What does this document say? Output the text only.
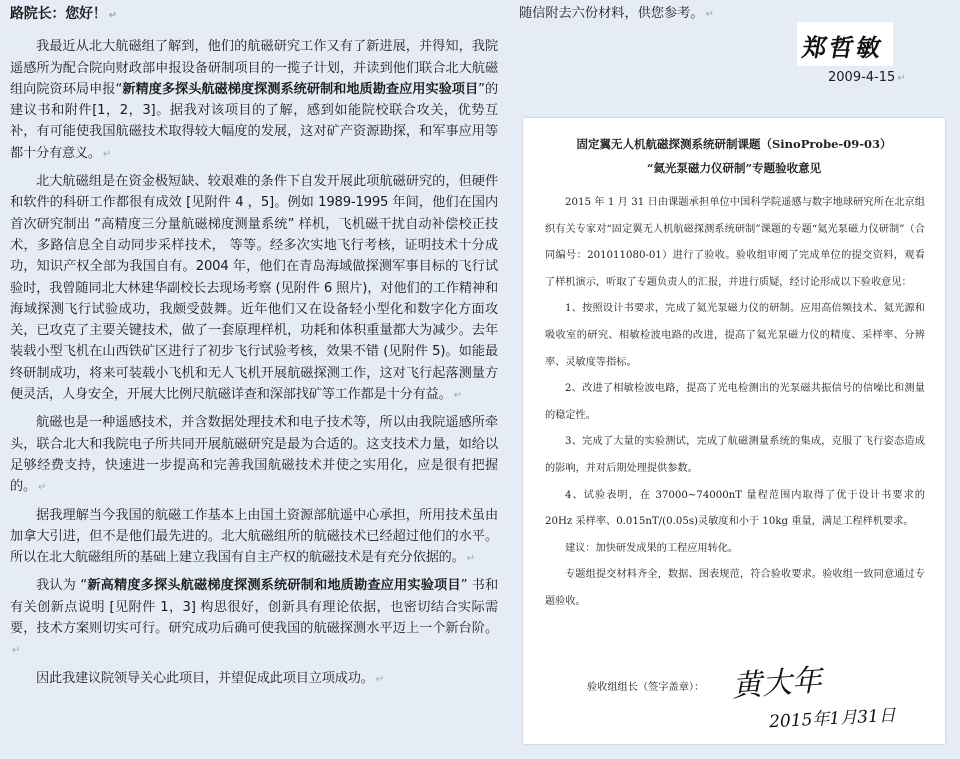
路院长：您好！ ↵

我最近从北大航磁组了解到，他们的航磁研究工作又有了新进展，并得知，我院遥感所为配合院向财政部申报设备研制项目的一揽子计划，并读到他们联合北大航磁组向院资环局申报“新精度多探头航磁梯度探测系统研制和地质勘查应用实验项目”的建议书和附件[1，2，3]。据我对该项目的了解，感到如能院校联合攻关，优势互补，有可能使我国航磁技术取得较大幅度的发展，这对矿产资源勘探，和军事应用等都十分有意义。 ↵

北大航磁组是在资金极短缺、较艰难的条件下自发开展此项航磁研究的，但硬件和软件的科研工作都很有成效 [见附件 4 ，5]。例如 1989-1995 年间，他们在国内首次研究制出 “高精度三分量航磁梯度测量系统” 样机，飞机磁干扰自动补偿校正技术，多路信息全自动同步采样技术， 等等。经多次实地飞行考核，证明技术十分成功，知识产权全部为我国自有。2004 年，他们在青岛海域做探测军事目标的飞行试验时，我曾随同北大林建华副校长去现场考察 (见附件 6 照片)，对他们的工作精神和海域探测飞行试验成功，我颇受鼓舞。近年他们又在设备轻小型化和数字化方面攻关，已攻克了主要关键技术，做了一套原理样机，功耗和体积重量都大为减少。去年装载小型飞机在山西铁矿区进行了初步飞行试验考核，效果不错 (见附件 5)。如能最终研制成功，将来可装载小飞机和无人飞机开展航磁探测工作，这对飞行起落测量方便灵活，人身安全，开展大比例尺航磁详查和深部找矿等工作都是十分有益。 ↵

航磁也是一种遥感技术，并含数据处理技术和电子技术等，所以由我院遥感所牵头，联合北大和我院电子所共同开展航磁研究是最为合适的。这支技术力量，如给以足够经费支持，快速进一步提高和完善我国航磁技术并使之实用化，应是很有把握的。 ↵

据我理解当今我国的航磁工作基本上由国土资源部航遥中心承担，所用技术虽由加拿大引进，但不是他们最先进的。北大航磁组所的航磁技术已经超过他们的水平。所以在北大航磁组所的基础上建立我国有自主产权的航磁技术是有充分依据的。 ↵

我认为 “新高精度多探头航磁梯度探测系统研制和地质勘查应用实验项目” 书和有关创新点说明 [见附件 1，3] 构思很好，创新具有理论依据，也密切结合实际需要，技术方案则切实可行。研究成功后确可使我国的航磁探测水平迈上一个新台阶。↵

因此我建议院领导关心此项目，并望促成此项目立项成功。 ↵

随信附去六份材料，供您参考。 ↵
郑哲敏
2009-4-15 ↵
固定翼无人机航磁探测系统研制课题（SinoProbe-09-03）
“氦光泵磁力仪研制”专题验收意见

2015 年 1 月 31 日由课题承担单位中国科学院遥感与数字地球研究所在北京组织有关专家对“固定翼无人机航磁探测系统研制”课题的专题“氦光泵磁力仪研制”（合同编号：201011080-01）进行了验收。验收组审阅了完成单位的提交资料，观看了样机演示，听取了专题负责人的汇报，并进行质疑，经讨论形成以下验收意见：

1、按照设计书要求，完成了氦光泵磁力仪的研制。应用高倍频技术、氦光源和吸收室的研究、相敏检波电路的改进，提高了氦光泵磁力仪的精度、采样率、分辨率、灵敏度等指标。

2、改进了相敏检波电路，提高了光电检测出的光泵磁共振信号的信噪比和测量的稳定性。

3、完成了大量的实验测试，完成了航磁测量系统的集成，克服了飞行姿态造成的影响，并对后期处理提供参数。

4、试验表明，在 37000~74000nT 量程范围内取得了优于设计书要求的 20Hz 采样率、0.015nT/(0.05s)灵敏度和小于 10kg 重量，满足工程样机要求。

建议：加快研发成果的工程应用转化。

专题组提交材料齐全，数据、图表规范，符合验收要求。验收组一致同意通过专题验收。

验收组组长（签字盖章）： 黄大年
2015年1月31日
